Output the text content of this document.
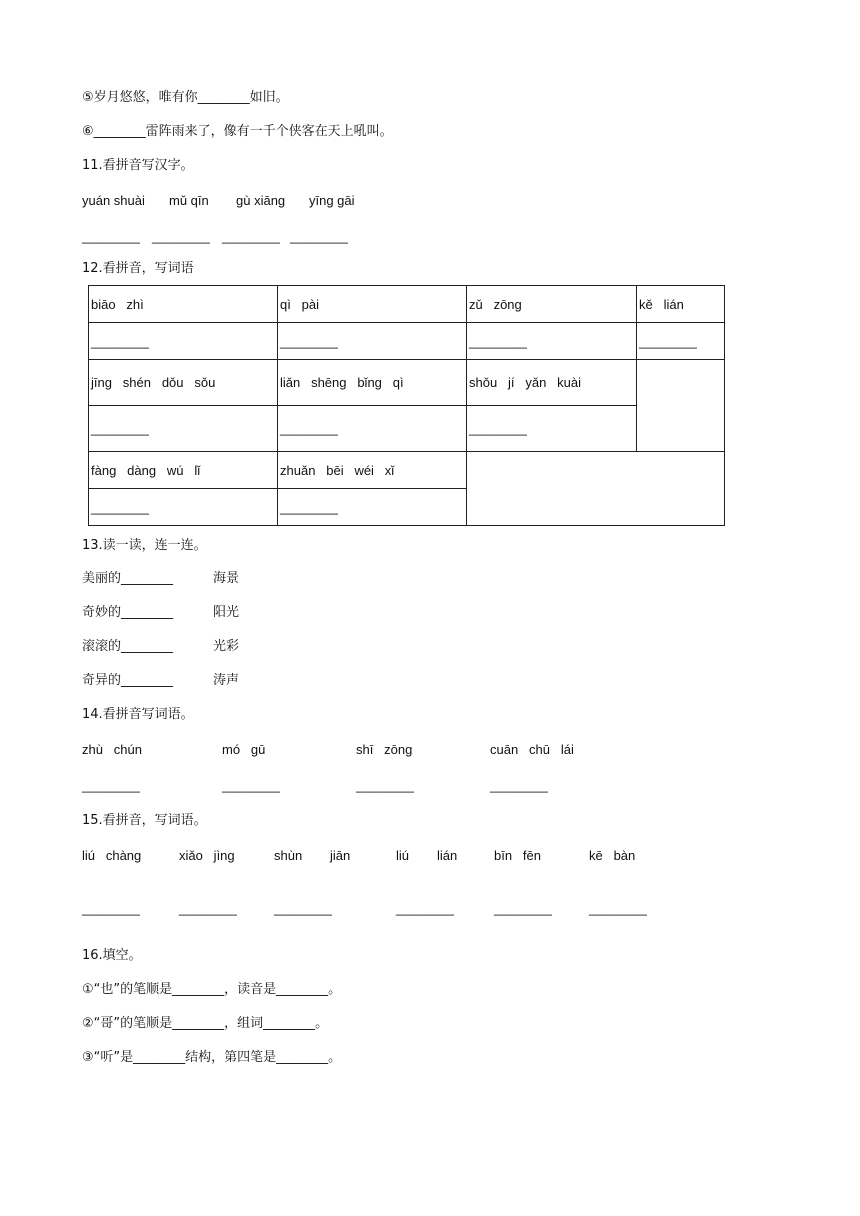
⑤岁月悠悠，唯有你________如旧。
⑥________雷阵雨来了，像有一千个侠客在天上吼叫。
11.看拼音写汉字。
yuán shuài mǔ qīn gù xiāng yīng gāi
________ ________ ________ ________
12.看拼音，写词语
biāo   zhì	qì   pài	zǔ   zōng	kě   lián
________	________	________	________
jīng   shén   dǒu   sǒu	liǎn   shēng   bǐng   qì	shǒu   jí   yǎn   kuài	
________	________	________	
fàng   dàng   wú   lǐ	zhuǎn   bēi   wéi   xǐ		
________	________		
13.读一读，连一连。
美丽的________
奇妙的________
滚滚的________
奇异的________
海景
阳光
光彩
涛声
14.看拼音写词语。
zhù   chún	mó   gū	shī   zōng	cuān   chū   lái
________	________	________	________
15.看拼音，写词语。
liú   chàng	xiǎo   jìng	shùn jiān	liú lián	bīn   fēn	kē   bàn
________	________	________	________	________	________
16.填空。
①“也”的笔顺是________，读音是________。
②“哥”的笔顺是________，组词________。
③“听”是________结构，第四笔是________。
